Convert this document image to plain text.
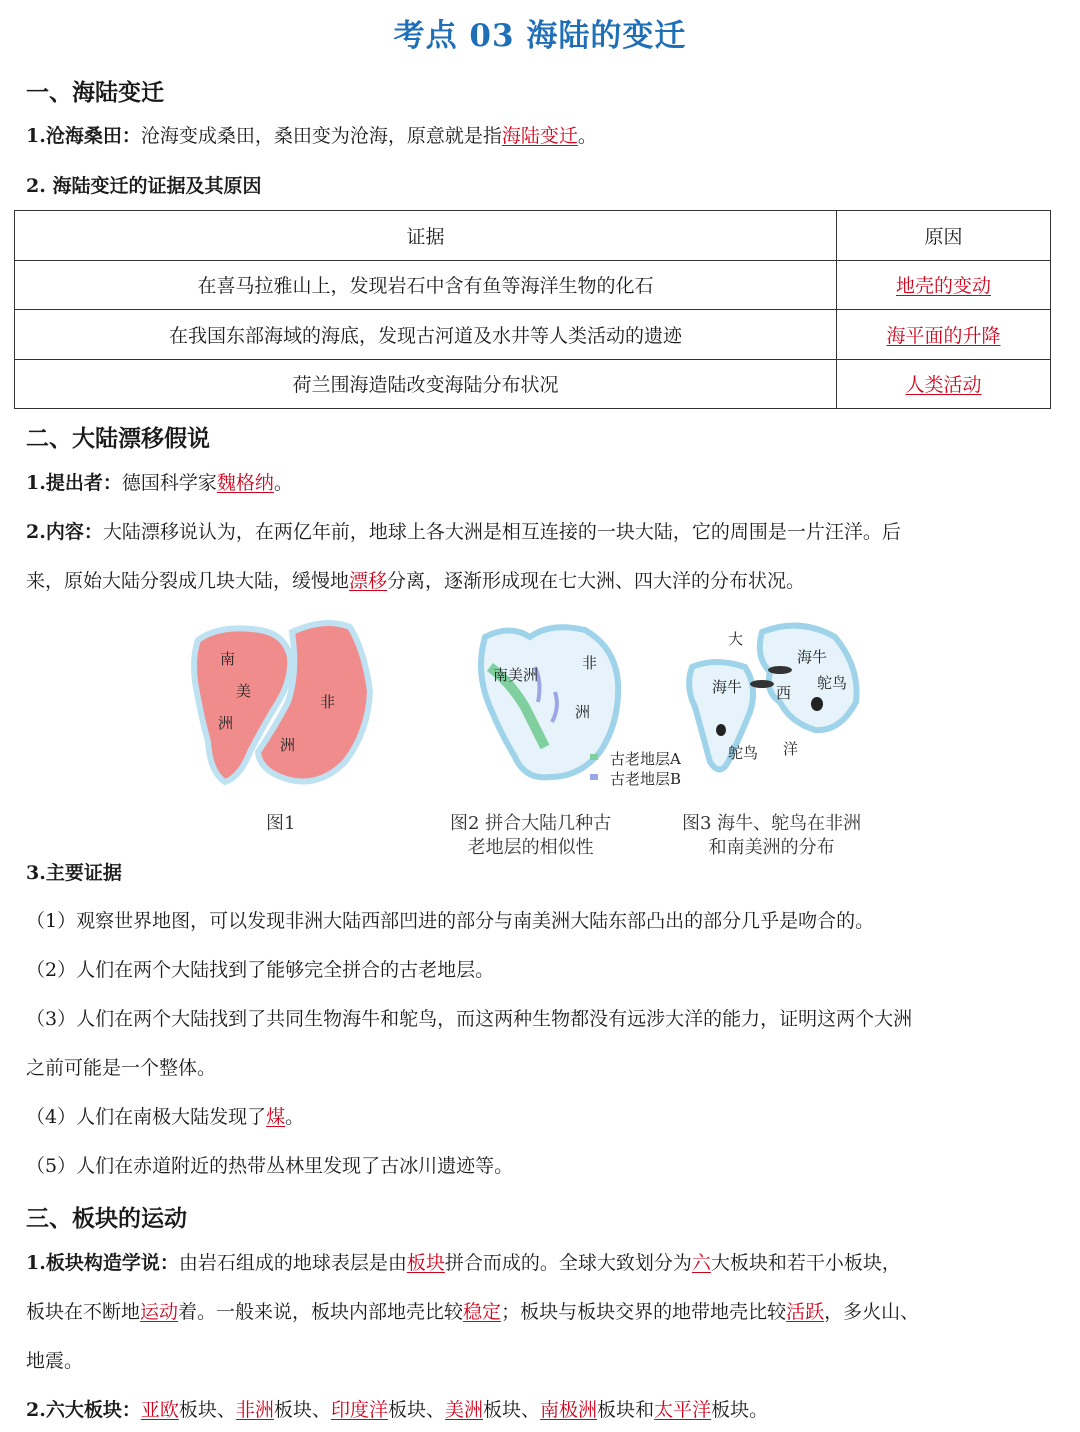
考点 03 海陆的变迁
一、海陆变迁
1.沧海桑田：沧海变成桑田，桑田变为沧海，原意就是指海陆变迁。
2. 海陆变迁的证据及其原因
证据	原因
在喜马拉雅山上，发现岩石中含有鱼等海洋生物的化石	地壳的变动
在我国东部海域的海底，发现古河道及水井等人类活动的遗迹	海平面的升降
荷兰围海造陆改变海陆分布状况	人类活动
二、大陆漂移假说
1.提出者：德国科学家魏格纳。
2.内容：大陆漂移说认为，在两亿年前，地球上各大洲是相互连接的一块大陆，它的周围是一片汪洋。后
来，原始大陆分裂成几块大陆，缓慢地漂移分离，逐渐形成现在七大洲、四大洋的分布状况。
南
美
洲
非
洲
南美洲
非
洲
古老地层A
古老地层B
大
海牛
海牛
西
鸵鸟
鸵鸟
洋
图1	图2 拼合大陆几种古
老地层的相似性
图3 海牛、鸵鸟在非洲
和南美洲的分布
3.主要证据
（1）观察世界地图，可以发现非洲大陆西部凹进的部分与南美洲大陆东部凸出的部分几乎是吻合的。
（2）人们在两个大陆找到了能够完全拼合的古老地层。
（3）人们在两个大陆找到了共同生物海牛和鸵鸟，而这两种生物都没有远涉大洋的能力，证明这两个大洲
之前可能是一个整体。
（4）人们在南极大陆发现了煤。
（5）人们在赤道附近的热带丛林里发现了古冰川遗迹等。
三、板块的运动
1.板块构造学说：由岩石组成的地球表层是由板块拼合而成的。全球大致划分为六大板块和若干小板块，
板块在不断地运动着。一般来说，板块内部地壳比较稳定；板块与板块交界的地带地壳比较活跃，多火山、
地震。
2.六大板块：亚欧板块、非洲板块、印度洋板块、美洲板块、南极洲板块和太平洋板块。
